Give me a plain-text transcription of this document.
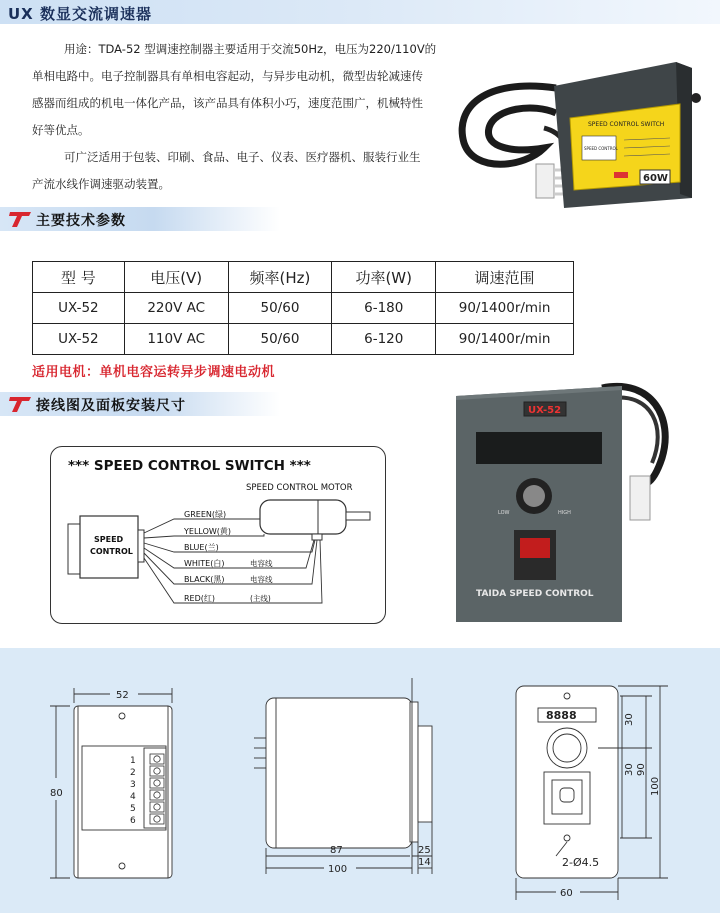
UX 数显交流调速器
用途：TDA-52 型调速控制器主要适用于交流50Hz，电压为220/110V的
单相电路中。电子控制器具有单相电容起动，与异步电动机，微型齿轮减速传
感器而组成的机电一体化产品，该产品具有体积小巧，速度范围广，机械特性
好等优点。
可广泛适用于包装、印刷、食品、电子、仪表、医疗器机、服装行业生
产流水线作调速驱动装置。
SPEED CONTROL SWITCH
SPEED CONTROL
60W
主要技术参数
型 号	电压(V)	频率(Hz)	功率(W)	调速范围
UX-52	220V AC	50/60	6-180	90/1400r/min
UX-52	110V AC	50/60	6-120	90/1400r/min
适用电机：单机电容运转异步调速电动机
接线图及面板安装尺寸
*** SPEED CONTROL SWITCH ***
SPEED CONTROL MOTOR
SPEED
CONTROL
GREEN(绿)
YELLOW(黄)
BLUE(兰)
WHITE(白)
BLACK(黑)
RED(红)
电容线
电容线
(主线)
UX-52
LOW	HIGH
TAIDA SPEED CONTROL
1
2
3
4
5
6
52
80
87	25
100
14
8888	30
30 90
100
2-Ø4.5
60
